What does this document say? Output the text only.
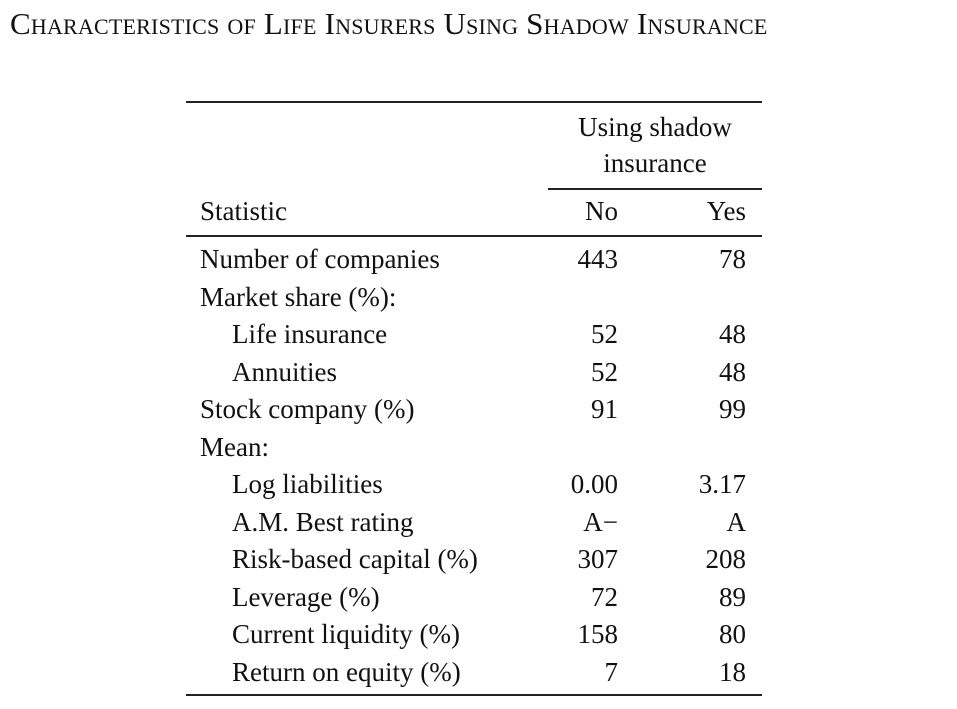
Characteristics of Life Insurers Using Shadow Insurance
Using shadow
insurance
Statistic	No	Yes
Number of companies	443	78
Market share (%):
Life insurance	52	48
Annuities	52	48
Stock company (%)	91	99
Mean:
Log liabilities	0.00	3.17
A.M. Best rating	A−	A
Risk-based capital (%)	307	208
Leverage (%)	72	89
Current liquidity (%)	158	80
Return on equity (%)	7	18
